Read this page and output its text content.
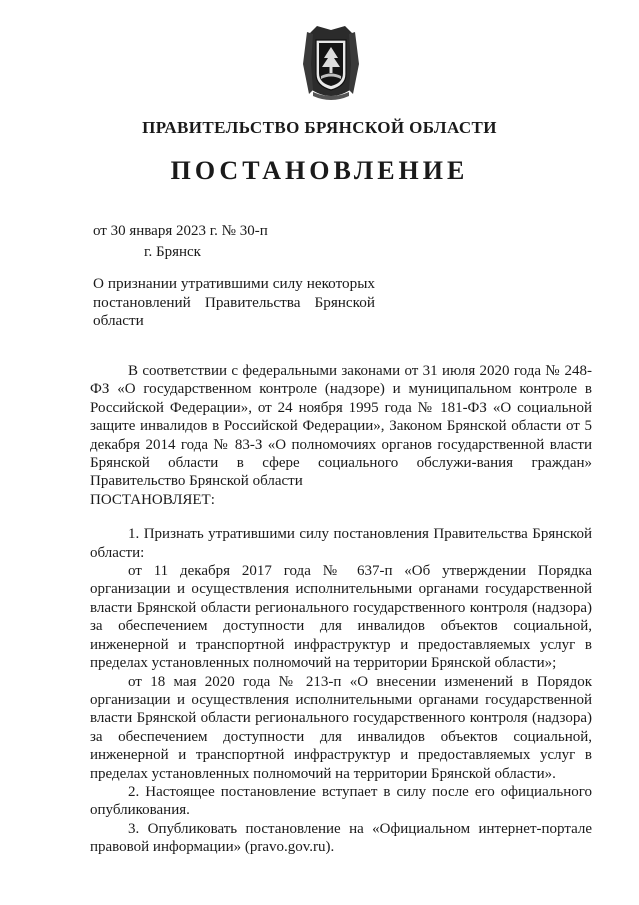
ПРАВИТЕЛЬСТВО БРЯНСКОЙ ОБЛАСТИ
ПОСТАНОВЛЕНИЕ
от 30 января 2023 г. № 30-п
г. Брянск
О признании утратившими силу некоторых
постановлений Правительства Брянской
области

В соответствии с федеральными законами от 31 июля 2020 года № 248-ФЗ «О государственном контроле (надзоре) и муниципальном контроле в Российской Федерации», от 24 ноября 1995 года № 181-ФЗ «О социальной защите инвалидов в Российской Федерации», Законом Брянской области от 5 декабря 2014 года № 83-З «О полномочиях органов государственной власти Брянской области в сфере социального обслужи-вания граждан» Правительство Брянской области

ПОСТАНОВЛЯЕТ:

1. Признать утратившими силу постановления Правительства Брянской области:

от 11 декабря 2017 года № 637-п «Об утверждении Порядка организации и осуществления исполнительными органами государственной власти Брянской области регионального государственного контроля (надзора) за обеспечением доступности для инвалидов объектов социальной, инженерной и транспортной инфраструктур и предоставляемых услуг в пределах установленных полномочий на территории Брянской области»;

от 18 мая 2020 года № 213-п «О внесении изменений в Порядок организации и осуществления исполнительными органами государственной власти Брянской области регионального государственного контроля (надзора) за обеспечением доступности для инвалидов объектов социальной, инженерной и транспортной инфраструктур и предоставляемых услуг в пределах установленных полномочий на территории Брянской области».

2. Настоящее постановление вступает в силу после его официального опубликования.

3. Опубликовать постановление на «Официальном интернет-портале правовой информации» (pravo.gov.ru).
